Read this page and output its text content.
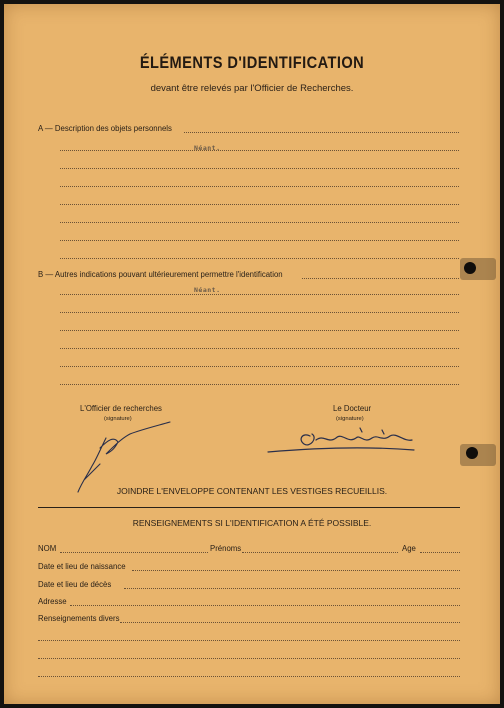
ÉLÉMENTS D'IDENTIFICATION
devant être relevés par l'Officier de Recherches.
A — Description des objets personnels
Néant.
B — Autres indications pouvant ultérieurement permettre l'identification
Néant.
L'Officier de recherches
(signature)
Le Docteur
(signature)
JOINDRE L'ENVELOPPE CONTENANT LES VESTIGES RECUEILLIS.
RENSEIGNEMENTS SI L'IDENTIFICATION A ÉTÉ POSSIBLE.
NOM	Prénoms	Age
Date et lieu de naissance
Date et lieu de décès
Adresse
Renseignements divers
